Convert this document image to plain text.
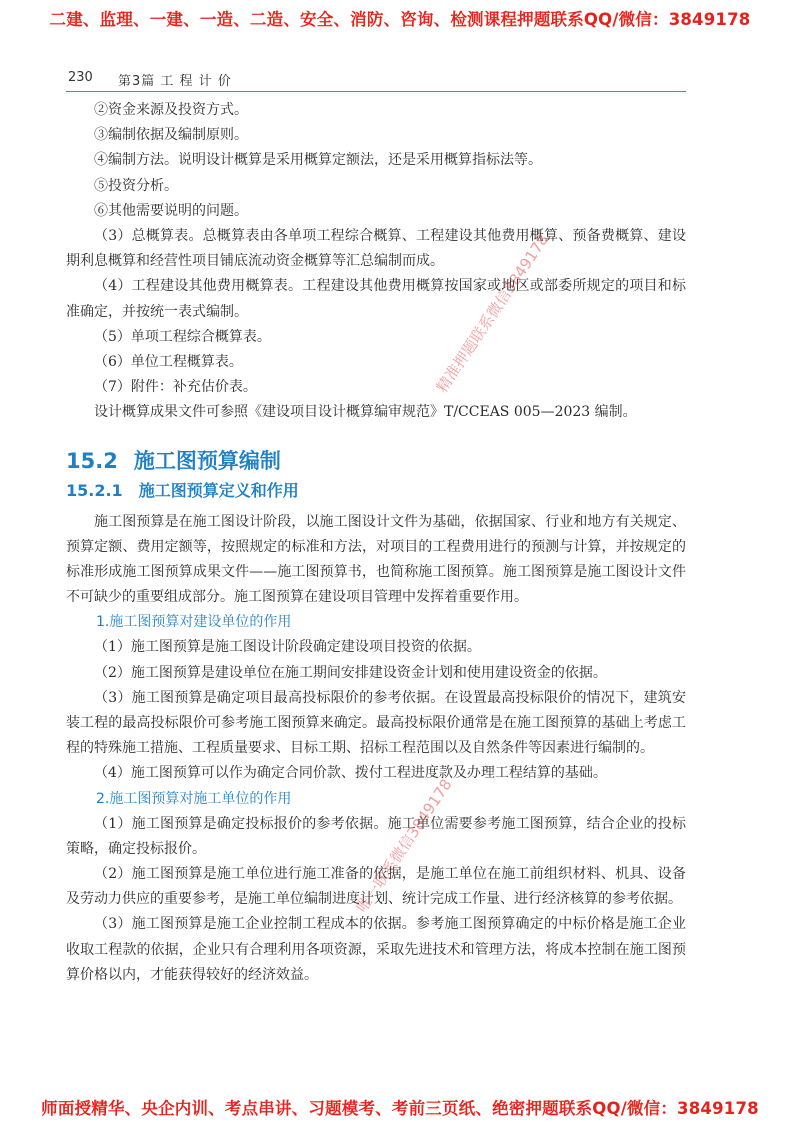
二建、监理、一建、一造、二造、安全、消防、咨询、检测课程押题联系QQ/微信：3849178
230 第3篇 工 程 计 价

②资金来源及投资方式。

③编制依据及编制原则。

④编制方法。说明设计概算是采用概算定额法，还是采用概算指标法等。

⑤投资分析。

⑥其他需要说明的问题。

（3）总概算表。总概算表由各单项工程综合概算、工程建设其他费用概算、预备费概算、建设期利息概算和经营性项目铺底流动资金概算等汇总编制而成。

（4）工程建设其他费用概算表。工程建设其他费用概算按国家或地区或部委所规定的项目和标准确定，并按统一表式编制。

（5）单项工程综合概算表。

（6）单位工程概算表。

（7）附件：补充估价表。

设计概算成果文件可参照《建设项目设计概算编审规范》T/CCEAS 005—2023 编制。

15.2 施工图预算编制
15.2.1 施工图预算定义和作用

施工图预算是在施工图设计阶段，以施工图设计文件为基础，依据国家、行业和地方有关规定、预算定额、费用定额等，按照规定的标准和方法，对项目的工程费用进行的预测与计算，并按规定的标准形成施工图预算成果文件——施工图预算书，也简称施工图预算。施工图预算是施工图设计文件不可缺少的重要组成部分。施工图预算在建设项目管理中发挥着重要作用。

1.施工图预算对建设单位的作用

（1）施工图预算是施工图设计阶段确定建设项目投资的依据。

（2）施工图预算是建设单位在施工期间安排建设资金计划和使用建设资金的依据。

（3）施工图预算是确定项目最高投标限价的参考依据。在设置最高投标限价的情况下，建筑安装工程的最高投标限价可参考施工图预算来确定。最高投标限价通常是在施工图预算的基础上考虑工程的特殊施工措施、工程质量要求、目标工期、招标工程范围以及自然条件等因素进行编制的。

（4）施工图预算可以作为确定合同价款、拨付工程进度款及办理工程结算的基础。

2.施工图预算对施工单位的作用

（1）施工图预算是确定投标报价的参考依据。施工单位需要参考施工图预算，结合企业的投标策略，确定投标报价。

（2）施工图预算是施工单位进行施工准备的依据，是施工单位在施工前组织材料、机具、设备及劳动力供应的重要参考，是施工单位编制进度计划、统计完成工作量、进行经济核算的参考依据。

（3）施工图预算是施工企业控制工程成本的依据。参考施工图预算确定的中标价格是施工企业收取工程款的依据，企业只有合理利用各项资源，采取先进技术和管理方法，将成本控制在施工图预算价格以内，才能获得较好的经济效益。

精准押题联系微信3849178
唯一联系微信3849178
师面授精华、央企内训、考点串讲、习题模考、考前三页纸、绝密押题联系QQ/微信：3849178
